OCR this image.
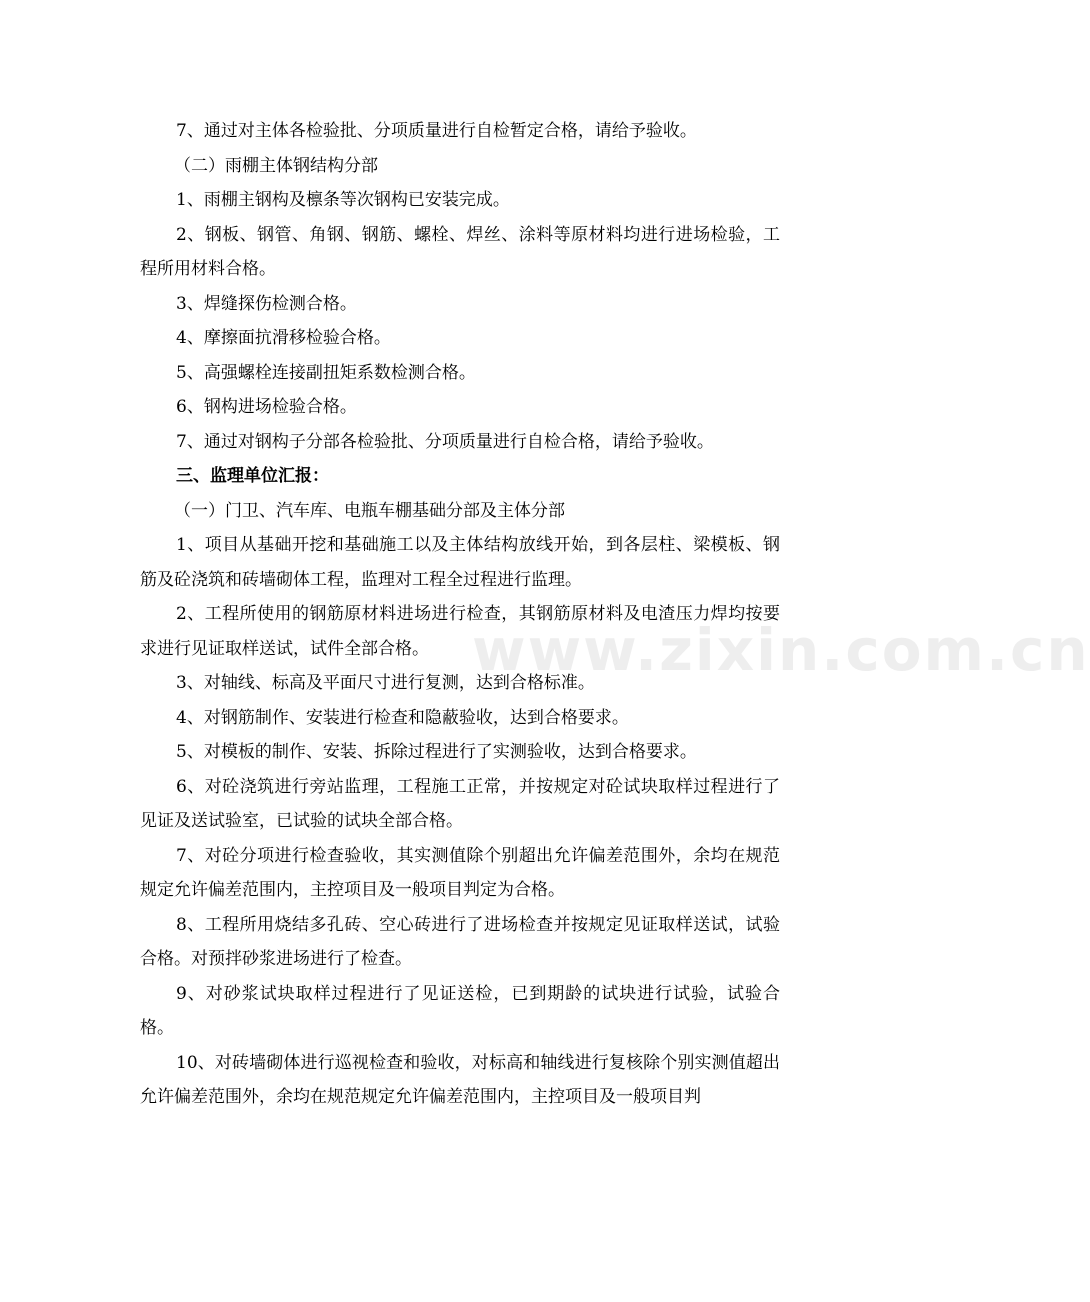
www.zixin.com.cn

7、通过对主体各检验批、分项质量进行自检暂定合格，请给予验收。

（二）雨棚主体钢结构分部

1、雨棚主钢构及檩条等次钢构已安装完成。

2、钢板、钢管、角钢、钢筋、螺栓、焊丝、涂料等原材料均进行进场检验，工程所用材料合格。

3、焊缝探伤检测合格。

4、摩擦面抗滑移检验合格。

5、高强螺栓连接副扭矩系数检测合格。

6、钢构进场检验合格。

7、通过对钢构子分部各检验批、分项质量进行自检合格，请给予验收。

三、监理单位汇报：

（一）门卫、汽车库、电瓶车棚基础分部及主体分部

1、项目从基础开挖和基础施工以及主体结构放线开始，到各层柱、梁模板、钢筋及砼浇筑和砖墙砌体工程，监理对工程全过程进行监理。

2、工程所使用的钢筋原材料进场进行检查，其钢筋原材料及电渣压力焊均按要求进行见证取样送试，试件全部合格。

3、对轴线、标高及平面尺寸进行复测，达到合格标准。

4、对钢筋制作、安装进行检查和隐蔽验收，达到合格要求。

5、对模板的制作、安装、拆除过程进行了实测验收，达到合格要求。

6、对砼浇筑进行旁站监理，工程施工正常，并按规定对砼试块取样过程进行了见证及送试验室，已试验的试块全部合格。

7、对砼分项进行检查验收，其实测值除个别超出允许偏差范围外，余均在规范规定允许偏差范围内，主控项目及一般项目判定为合格。

8、工程所用烧结多孔砖、空心砖进行了进场检查并按规定见证取样送试，试验合格。对预拌砂浆进场进行了检查。

9、对砂浆试块取样过程进行了见证送检，已到期龄的试块进行试验，试验合格。

10、对砖墙砌体进行巡视检查和验收，对标高和轴线进行复核除个别实测值超出允许偏差范围外，余均在规范规定允许偏差范围内，主控项目及一般项目判
